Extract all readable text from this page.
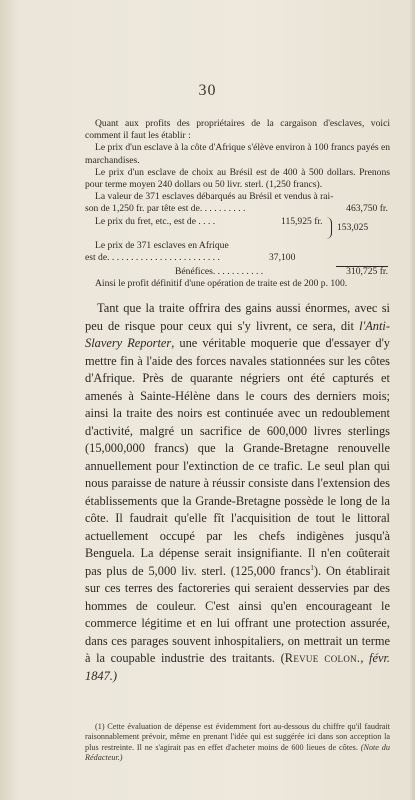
30

Quant aux profits des propriétaires de la cargaison d'esclaves, voici comment il faut les établir :

Le prix d'un esclave à la côte d'Afrique s'élève environ à 100 francs payés en marchandises.

Le prix d'un esclave de choix au Brésil est de 400 à 500 dollars. Prenons pour terme moyen 240 dollars ou 50 livr. sterl. (1,250 francs).

La valeur de 371 esclaves débarqués au Brésil et vendus à rai-
son de 1,250 fr. par tête est de. . . . . . . . . .	463,750 fr.
Le prix du fret, etc., est de . . . .	115,925 fr.
153,025
Le prix de 371 esclaves en Afrique
est de. . . . . . . . . . . . . . . . . . . . . . . .	37,100
Bénéfices. . . . . . . . . . .	310,725 fr.

Ainsi le profit définitif d'une opération de traite est de 200 p. 100.

Tant que la traite offrira des gains aussi énormes, avec si peu de risque pour ceux qui s'y livrent, ce sera, dit l'Anti-Slavery Reporter, une véritable moquerie que d'essayer d'y mettre fin à l'aide des forces navales stationnées sur les côtes d'Afrique. Près de quarante négriers ont été capturés et amenés à Sainte-Hélène dans le cours des derniers mois; ainsi la traite des noirs est continuée avec un redoublement d'activité, malgré un sacrifice de 600,000 livres sterlings (15,000,000 francs) que la Grande-Bretagne renouvelle annuellement pour l'extinction de ce trafic. Le seul plan qui nous paraisse de nature à réussir consiste dans l'extension des établissements que la Grande-Bretagne possède le long de la côte. Il faudrait qu'elle fît l'acquisition de tout le littoral actuellement occupé par les chefs indigènes jusqu'à Benguela. La dépense serait insignifiante. Il n'en coûterait pas plus de 5,000 liv. sterl. (125,000 francs$^1$). On établirait sur ces terres des factoreries qui seraient desservies par des hommes de couleur. C'est ainsi qu'en encourageant le commerce légitime et en lui offrant une protection assurée, dans ces parages souvent inhospitaliers, on mettrait un terme à la coupable industrie des traitants. (Revue colon., févr. 1847.)

(1) Cette évaluation de dépense est évidemment fort au-dessous du chiffre qu'il faudrait raisonnablement prévoir, même en prenant l'idée qui est suggérée ici dans son acception la plus restreinte. Il ne s'agirait pas en effet d'acheter moins de 600 lieues de côtes. (Note du Rédacteur.)
